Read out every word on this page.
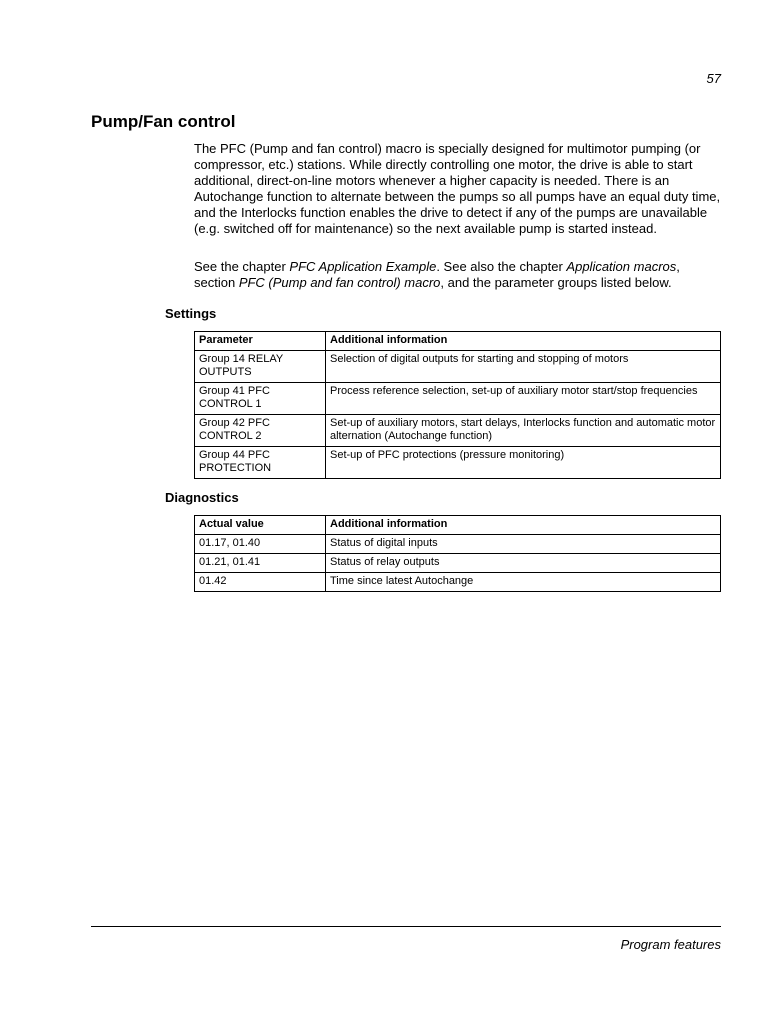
57
Pump/Fan control

The PFC (Pump and fan control) macro is specially designed for multimotor pumping (or compressor, etc.) stations. While directly controlling one motor, the drive is able to start additional, direct-on-line motors whenever a higher capacity is needed. There is an Autochange function to alternate between the pumps so all pumps have an equal duty time, and the Interlocks function enables the drive to detect if any of the pumps are unavailable (e.g. switched off for maintenance) so the next available pump is started instead.

See the chapter PFC Application Example. See also the chapter Application macros, section PFC (Pump and fan control) macro, and the parameter groups listed below.

Settings
Parameter	Additional information
Group 14 RELAY OUTPUTS	Selection of digital outputs for starting and stopping of motors
Group 41 PFC CONTROL 1	Process reference selection, set-up of auxiliary motor start/stop frequencies
Group 42 PFC CONTROL 2	Set-up of auxiliary motors, start delays, Interlocks function and automatic motor alternation (Autochange function)
Group 44 PFC PROTECTION	Set-up of PFC protections (pressure monitoring)
Diagnostics
Actual value	Additional information
01.17, 01.40	Status of digital inputs
01.21, 01.41	Status of relay outputs
01.42	Time since latest Autochange
Program features
